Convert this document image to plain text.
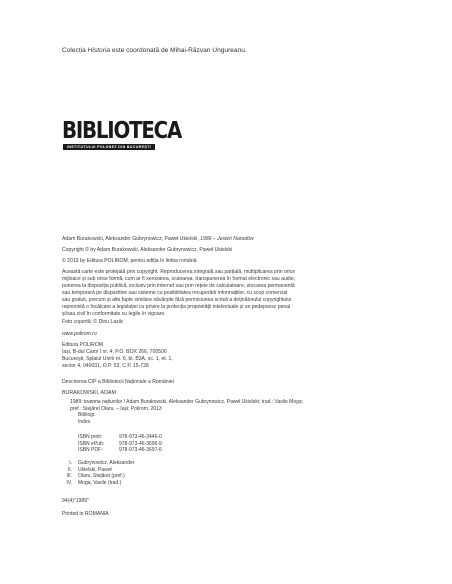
Colecția Historia este coordonată de Mihai-Răzvan Ungureanu.
BIBLIOTECA
INSTITUTULUI POLONEZ DIN BUCUREȘTI
Adam Burakowski, Aleksander Gubrynowicz, Paweł Ukielski, 1989 – Jesień Narodów
Copyright © by Adam Burakowski, Aleksander Gubrynowicz, Paweł Ukielski
© 2013 by Editura POLIROM, pentru ediția în limba română
Această carte este protejată prin copyright. Reproducerea integrală sau parțială, multiplicarea prin orice
mijloace și sub orice formă, cum ar fi xeroxarea, scanarea, transpunerea în format electronic sau audio,
punerea la dispoziția publică, inclusiv prin internet sau prin rețele de calculatoare, stocarea permanentă
sau temporară pe dispozitive sau sisteme cu posibilitatea recuperării informațiilor, cu scop comercial
sau gratuit, precum și alte fapte similare săvârșite fără permisiunea scrisă a deținătorului copyrightului
reprezintă o încălcare a legislației cu privire la protecția proprietății intelectuale și se pedepsesc penal
și/sau civil în conformitate cu legile în vigoare.
Foto copertă: © Dinu Lazăr
www.polirom.ro
Editura POLIROM
Iași, B-dul Carol I nr. 4; P.O. BOX 266, 700506
București, Splaiul Unirii nr. 6, bl. B3A, sc. 1, et. 1,
sector 4, 040031, O.P. 53, C.P. 15-728
Descrierea CIP a Bibliotecii Naționale a României
BURAKOWSKI, ADAM
1989: toamna națiunilor / Adam Burakowski, Aleksander Gubrynowicz, Paweł Ukielski; trad.: Vasile Moga;
pref.: Stejărel Olaru. – Iași: Polirom, 2013
Bibliogr.
Index
ISBN print:	978-973-46-3446-0
ISBN ePub:	978-973-46-3696-9
ISBN PDF:	978-973-46-3697-6
I. Gubrynowicz, Aleksander
II. Ukielski, Paweł
III. Olaru, Stejărel (pref.)
IV. Moga, Vasile (trad.)
94(4)"1989"
Printed in ROMANIA
